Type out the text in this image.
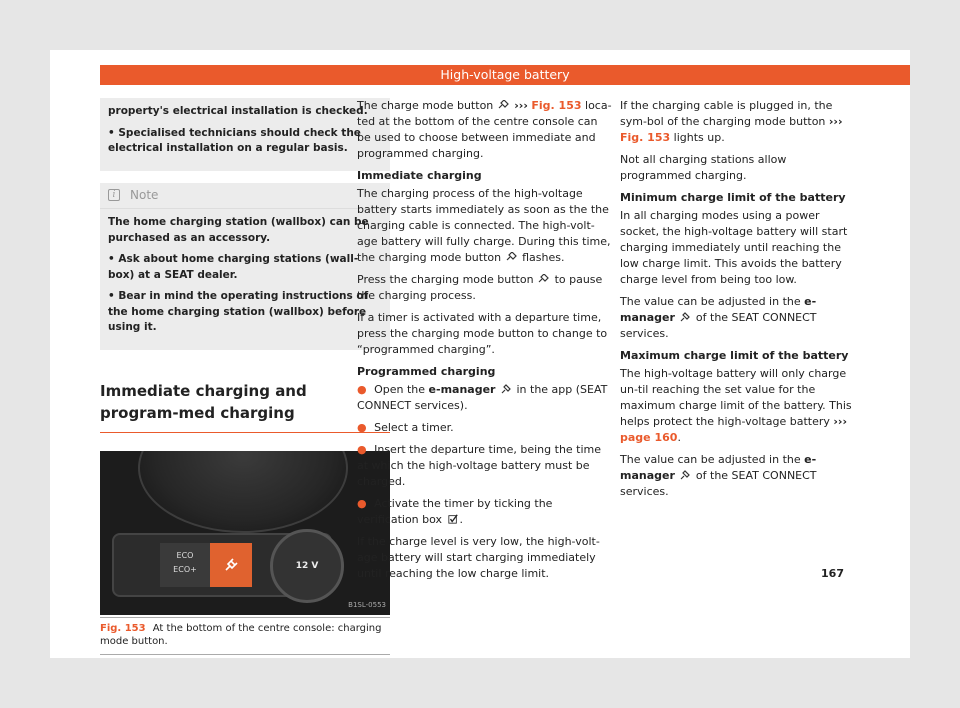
High-voltage battery

property's electrical installation is checked.

• Specialised technicians should check the electrical installation on a regular basis.

i	Note

The home charging station (wallbox) can be purchased as an accessory.

• Ask about home charging stations (wall-box) at a SEAT dealer.

• Bear in mind the operating instructions of the home charging station (wallbox) before using it.

Immediate charging and program-med charging
ECO
ECO+	12 V
B1SL-0553
Fig. 153 At the bottom of the centre console: charging mode button.

The charge mode button ››› Fig. 153 loca-ted at the bottom of the centre console can be used to choose between immediate and programmed charging.

Immediate charging

The charging process of the high-voltage battery starts immediately as soon as the the charging cable is connected. The high-volt-age battery will fully charge. During this time, the charging mode button flashes.

Press the charging mode button to pause the charging process.

If a timer is activated with a departure time, press the charging mode button to change to “programmed charging”.

Programmed charging

● Open the e-manager in the app (SEAT CONNECT services).

● Select a timer.

● Insert the departure time, being the time at which the high-voltage battery must be charged.

● Activate the timer by ticking the verification box .

If the charge level is very low, the high-volt-age battery will start charging immediately until reaching the low charge limit.

If the charging cable is plugged in, the sym-bol of the charging mode button ››› Fig. 153 lights up.

Not all charging stations allow programmed charging.

Minimum charge limit of the battery

In all charging modes using a power socket, the high-voltage battery will start charging immediately until reaching the low charge limit. This avoids the battery charge level from being too low.

The value can be adjusted in the e-manager of the SEAT CONNECT services.

Maximum charge limit of the battery

The high-voltage battery will only charge un-til reaching the set value for the maximum charge limit of the battery. This helps protect the high-voltage battery ››› page 160.

The value can be adjusted in the e-manager of the SEAT CONNECT services.

167
